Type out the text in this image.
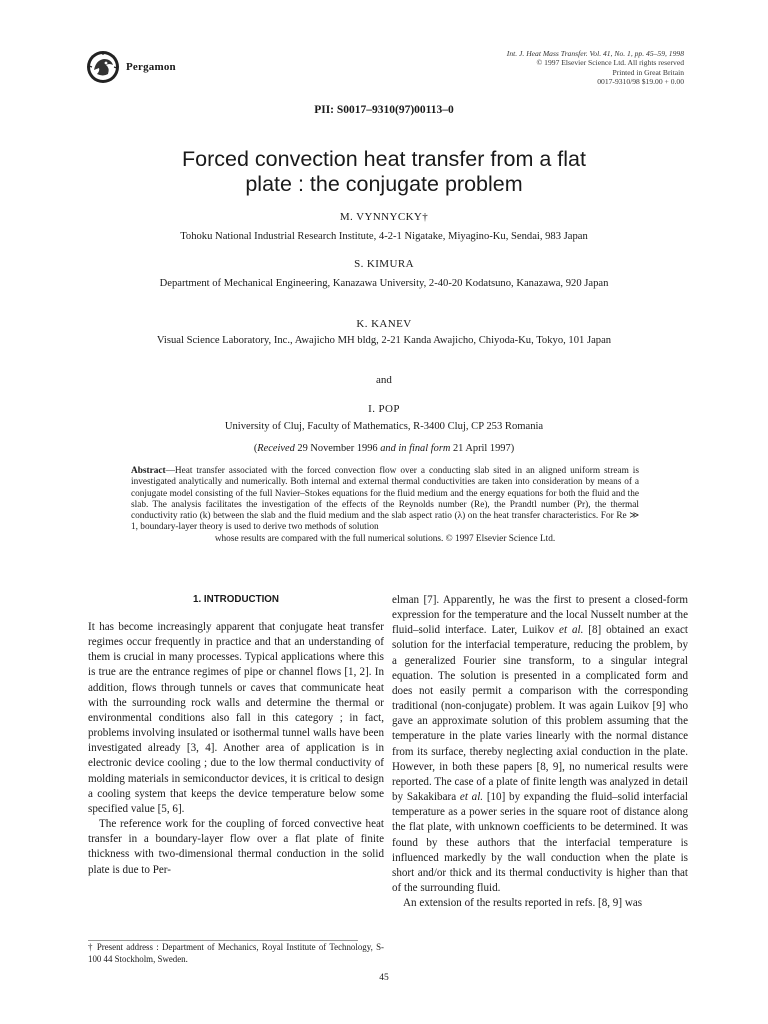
Pergamon
Int. J. Heat Mass Transfer. Vol. 41, No. 1, pp. 45–59, 1998
© 1997 Elsevier Science Ltd. All rights reserved
Printed in Great Britain
0017-9310/98 $19.00 + 0.00
PII: S0017–9310(97)00113–0
Forced convection heat transfer from a flat
plate : the conjugate problem
M. VYNNYCKY†
Tohoku National Industrial Research Institute, 4-2-1 Nigatake, Miyagino-Ku, Sendai, 983 Japan
S. KIMURA
Department of Mechanical Engineering, Kanazawa University, 2-40-20 Kodatsuno, Kanazawa, 920 Japan
K. KANEV
Visual Science Laboratory, Inc., Awajicho MH bldg, 2-21 Kanda Awajicho, Chiyoda-Ku, Tokyo, 101 Japan
and
I. POP
University of Cluj, Faculty of Mathematics, R-3400 Cluj, CP 253 Romania
(Received 29 November 1996 and in final form 21 April 1997)
Abstract—Heat transfer associated with the forced convection flow over a conducting slab sited in an aligned uniform stream is investigated analytically and numerically. Both internal and external thermal conductivities are taken into consideration by means of a conjugate model consisting of the full Navier–Stokes equations for the fluid medium and the energy equations for both the fluid and the slab. The analysis facilitates the investigation of the effects of the Reynolds number (Re), the Prandtl number (Pr), the thermal conductivity ratio (k) between the slab and the fluid medium and the slab aspect ratio (λ) on the heat transfer characteristics. For Re ≫ 1, boundary-layer theory is used to derive two methods of solution
whose results are compared with the full numerical solutions. © 1997 Elsevier Science Ltd.
1. INTRODUCTION

It has become increasingly apparent that conjugate heat transfer regimes occur frequently in practice and that an understanding of them is crucial in many processes. Typical applications where this is true are the entrance regimes of pipe or channel flows [1, 2]. In addition, flows through tunnels or caves that communicate heat with the surrounding rock walls and determine the thermal or environmental conditions also fall in this category ; in fact, problems involving insulated or isothermal tunnel walls have been investigated already [3, 4]. Another area of application is in electronic device cooling ; due to the low thermal conductivity of molding materials in semiconductor devices, it is critical to design a cooling system that keeps the device temperature below some specified value [5, 6].

The reference work for the coupling of forced convective heat transfer in a boundary-layer flow over a flat plate of finite thickness with two-dimensional thermal conduction in the solid plate is due to Per-

† Present address : Department of Mechanics, Royal Institute of Technology, S-100 44 Stockholm, Sweden.

elman [7]. Apparently, he was the first to present a closed-form expression for the temperature and the local Nusselt number at the fluid–solid interface. Later, Luikov et al. [8] obtained an exact solution for the interfacial temperature, reducing the problem, by a generalized Fourier sine transform, to a singular integral equation. The solution is presented in a complicated form and does not easily permit a comparison with the corresponding traditional (non-conjugate) problem. It was again Luikov [9] who gave an approximate solution of this problem assuming that the temperature in the plate varies linearly with the normal distance from its surface, thereby neglecting axial conduction in the plate. However, in both these papers [8, 9], no numerical results were reported. The case of a plate of finite length was analyzed in detail by Sakakibara et al. [10] by expanding the fluid–solid interfacial temperature as a power series in the square root of distance along the flat plate, with unknown coefficients to be determined. It was found by these authors that the interfacial temperature is influenced markedly by the wall conduction when the plate is short and/or thick and its thermal conductivity is higher than that of the surrounding fluid.

An extension of the results reported in refs. [8, 9] was

45
